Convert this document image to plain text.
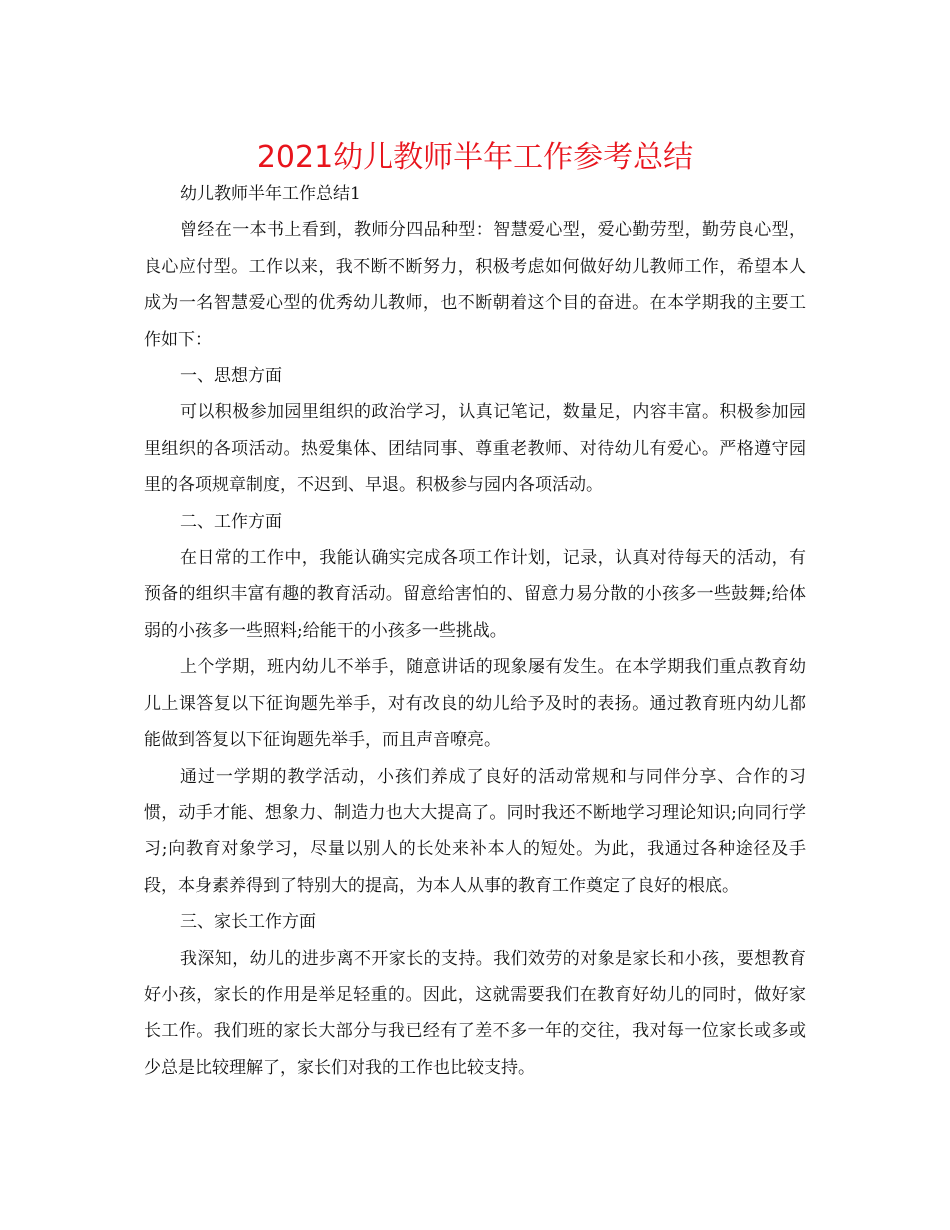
2021幼儿教师半年工作参考总结

幼儿教师半年工作总结1

曾经在一本书上看到，教师分四品种型：智慧爱心型，爱心勤劳型，勤劳良心型，良心应付型。工作以来，我不断不断努力，积极考虑如何做好幼儿教师工作，希望本人成为一名智慧爱心型的优秀幼儿教师，也不断朝着这个目的奋进。在本学期我的主要工作如下：

一、思想方面

可以积极参加园里组织的政治学习，认真记笔记，数量足，内容丰富。积极参加园里组织的各项活动。热爱集体、团结同事、尊重老教师、对待幼儿有爱心。严格遵守园里的各项规章制度，不迟到、早退。积极参与园内各项活动。

二、工作方面

在日常的工作中，我能认确实完成各项工作计划，记录，认真对待每天的活动，有预备的组织丰富有趣的教育活动。留意给害怕的、留意力易分散的小孩多一些鼓舞;给体弱的小孩多一些照料;给能干的小孩多一些挑战。

上个学期，班内幼儿不举手，随意讲话的现象屡有发生。在本学期我们重点教育幼儿上课答复以下征询题先举手，对有改良的幼儿给予及时的表扬。通过教育班内幼儿都能做到答复以下征询题先举手，而且声音嘹亮。

通过一学期的教学活动，小孩们养成了良好的活动常规和与同伴分享、合作的习惯，动手才能、想象力、制造力也大大提高了。同时我还不断地学习理论知识;向同行学习;向教育对象学习，尽量以别人的长处来补本人的短处。为此，我通过各种途径及手段，本身素养得到了特别大的提高，为本人从事的教育工作奠定了良好的根底。

三、家长工作方面

我深知，幼儿的进步离不开家长的支持。我们效劳的对象是家长和小孩，要想教育好小孩，家长的作用是举足轻重的。因此，这就需要我们在教育好幼儿的同时，做好家长工作。我们班的家长大部分与我已经有了差不多一年的交往，我对每一位家长或多或少总是比较理解了，家长们对我的工作也比较支持。
